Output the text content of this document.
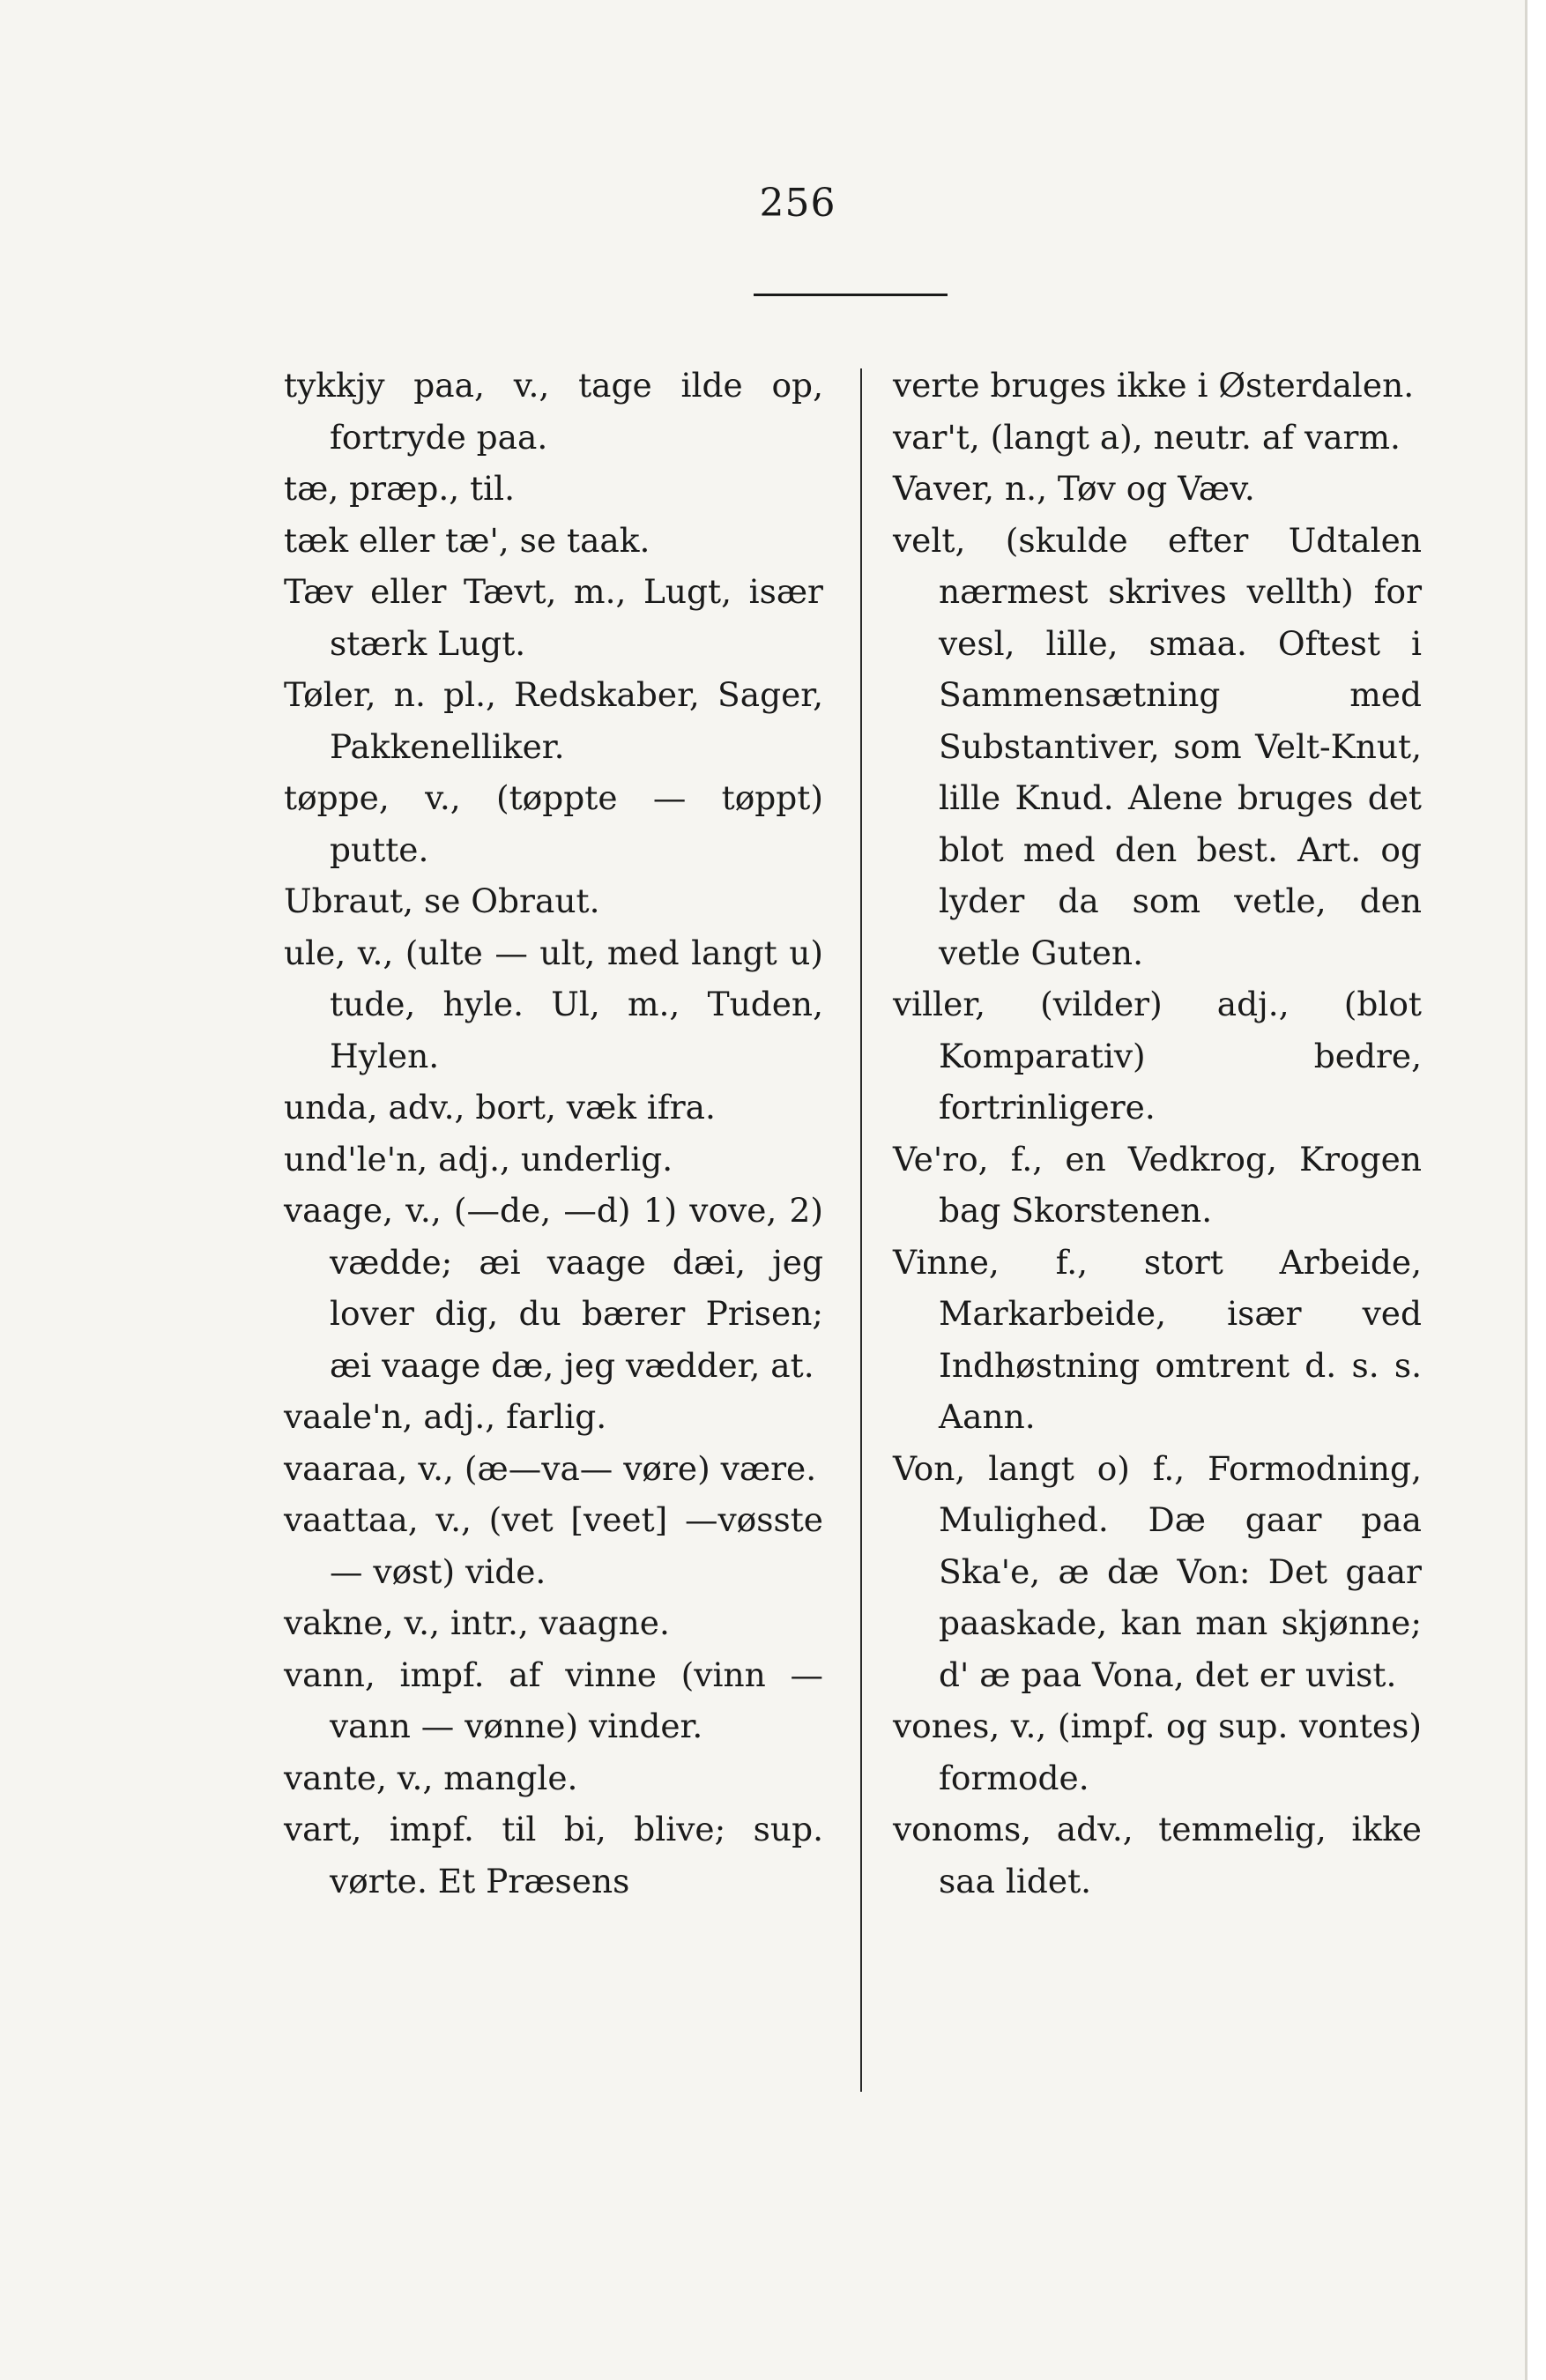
256

tykkjy paa, v., tage ilde op, fortryde paa.

tæ, præp., til.

tæk eller tæ', se taak.

Tæv eller Tævt, m., Lugt, især stærk Lugt.

Tøler, n. pl., Redskaber, Sager, Pakkenelliker.

tøppe, v., (tøppte — tøppt) putte.

Ubraut, se Obraut.

ule, v., (ulte — ult, med langt u) tude, hyle. Ul, m., Tuden, Hylen.

unda, adv., bort, væk ifra.

und'le'n, adj., underlig.

vaage, v., (—de, —d) 1) vove, 2) vædde; æi vaage dæi, jeg lover dig, du bærer Prisen; æi vaage dæ, jeg vædder, at.

vaale'n, adj., farlig.

vaaraa, v., (æ—va— vøre) være.

vaattaa, v., (vet [veet] —vøsste — vøst) vide.

vakne, v., intr., vaagne.

vann, impf. af vinne (vinn — vann — vønne) vinder.

vante, v., mangle.

vart, impf. til bi, blive; sup. vørte. Et Præsens

verte bruges ikke i Østerdalen.

var't, (langt a), neutr. af varm.

Vaver, n., Tøv og Væv.

velt, (skulde efter Udtalen nærmest skrives vellth) for vesl, lille, smaa. Oftest i Sammensætning med Substantiver, som Velt-Knut, lille Knud. Alene bruges det blot med den best. Art. og lyder da som vetle, den vetle Guten.

viller, (vilder) adj., (blot Komparativ) bedre, fortrinligere.

Ve'ro, f., en Vedkrog, Krogen bag Skorstenen.

Vinne, f., stort Arbeide, Markarbeide, især ved Indhøstning omtrent d. s. s. Aann.

Von, langt o) f., Formodning, Mulighed. Dæ gaar paa Ska'e, æ dæ Von: Det gaar paaskade, kan man skjønne; d' æ paa Vona, det er uvist.

vones, v., (impf. og sup. vontes) formode.

vonoms, adv., temmelig, ikke saa lidet.
